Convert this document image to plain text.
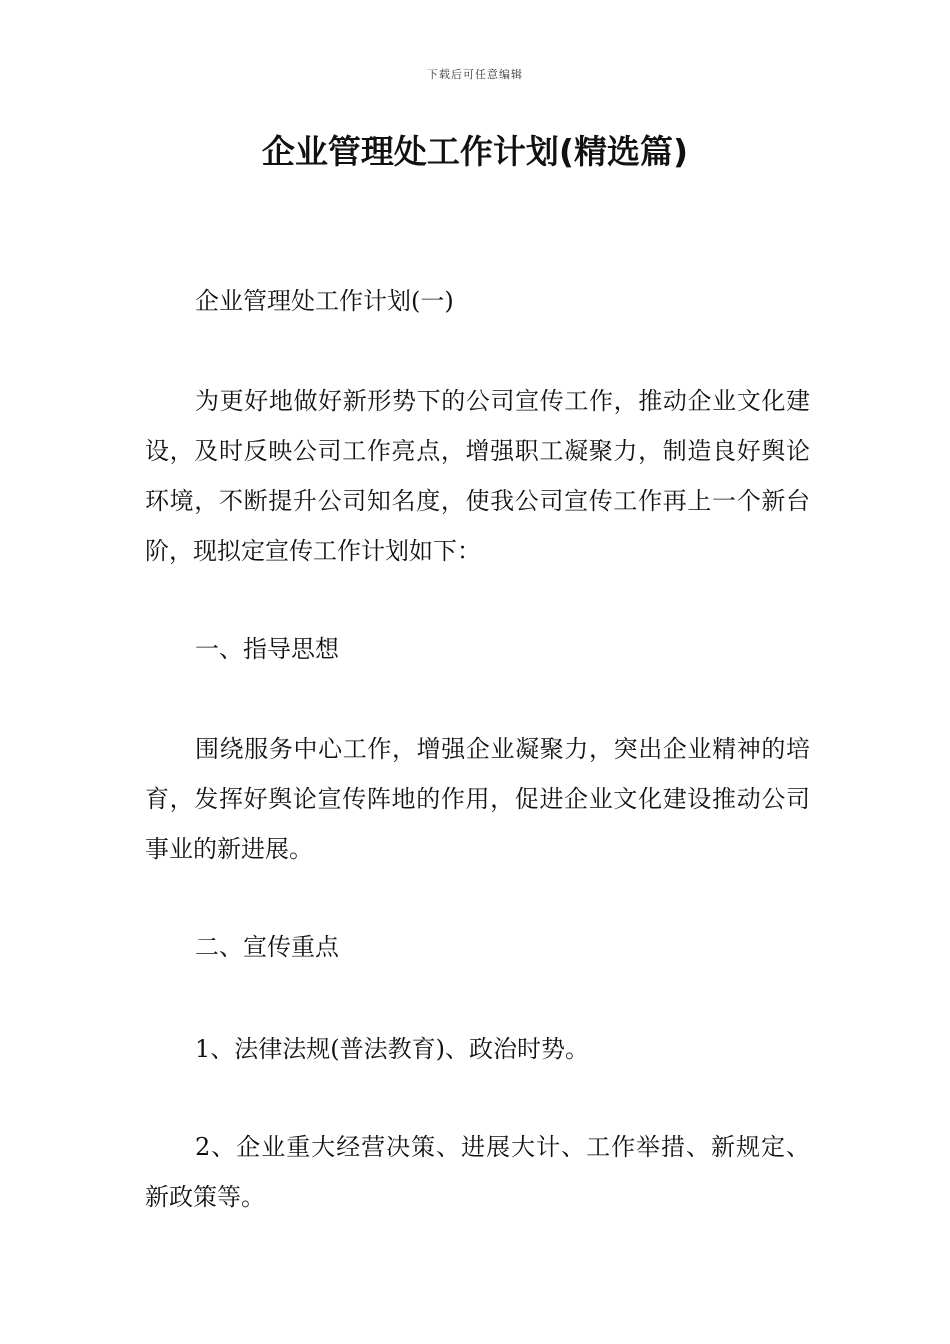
下载后可任意编辑
企业管理处工作计划(精选篇)

企业管理处工作计划(一)

为更好地做好新形势下的公司宣传工作，推动企业文化建设，及时反映公司工作亮点，增强职工凝聚力，制造良好舆论环境，不断提升公司知名度，使我公司宣传工作再上一个新台阶，现拟定宣传工作计划如下：

一、指导思想

围绕服务中心工作，增强企业凝聚力，突出企业精神的培育，发挥好舆论宣传阵地的作用，促进企业文化建设推动公司事业的新进展。

二、宣传重点

1、法律法规(普法教育)、政治时势。

2、企业重大经营决策、进展大计、工作举措、新规定、新政策等。
